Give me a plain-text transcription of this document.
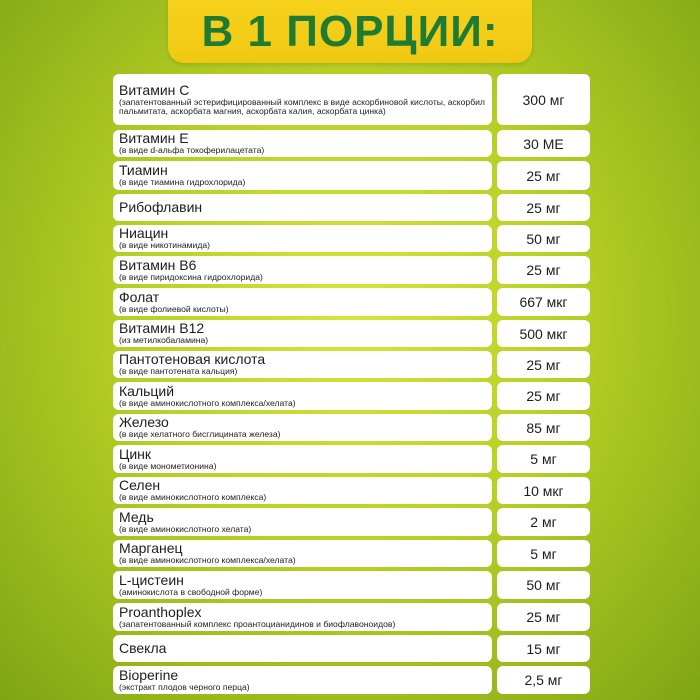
В 1 ПОРЦИИ:
Витамин C
(запатентованный эстерифицированный комплекс в виде аскорбиновой кислоты, аскорбил пальмитата, аскорбата магния, аскорбата калия, аскорбата цинка)
300 мг
Витамин Е
(в виде d-альфа токоферилацетата)	30 МЕ
Тиамин
(в виде тиамина гидрохлорида)	25 мг
Рибофлавин	25 мг
Ниацин
(в виде никотинамида)	50 мг
Витамин B6
(в виде пиридоксина гидрохлорида)	25 мг
Фолат
(в виде фолиевой кислоты)	667 мкг
Витамин B12
(из метилкобаламина)	500 мкг
Пантотеновая кислота
(в виде пантотената кальция)	25 мг
Кальций
(в виде аминокислотного комплекса/хелата)	25 мг
Железо
(в виде хелатного бисглицината железа)	85 мг
Цинк
(в виде монометионина)	5 мг
Селен
(в виде аминокислотного комплекса)	10 мкг
Медь
(в виде аминокислотного хелата)	2 мг
Марганец
(в виде аминокислотного комплекса/хелата)	5 мг
L-цистеин
(аминокислота в свободной форме)	50 мг
Proanthoplex
(запатентованный комплекс проантоцианидинов и биофлавоноидов)	25 мг
Свекла	15 мг
Bioperine
(экстракт плодов черного перца)	2,5 мг
